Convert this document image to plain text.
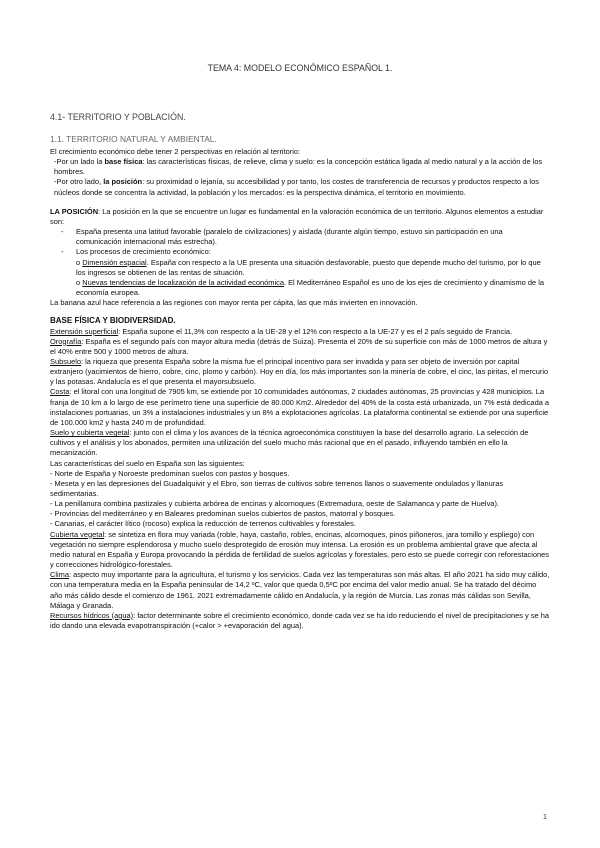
TEMA 4: MODELO ECONÓMICO ESPAÑOL 1.
4.1- TERRITORIO Y POBLACIÓN.
1.1. TERRITORIO NATURAL Y AMBIENTAL.

El crecimiento económico debe tener 2 perspectivas en relación al territorio:

-Por un lado la base física: las características físicas, de relieve, clima y suelo: es la concepción estática ligada al medio natural y a la acción de los hombres.

-Por otro lado, la posición: su proximidad o lejanía, su accesibilidad y por tanto, los costes de transferencia de recursos y productos respecto a los núcleos donde se concentra la actividad, la población y los mercados: es la perspectiva dinámica, el territorio en movimiento.

LA POSICIÓN: La posición en la que se encuentre un lugar es fundamental en la valoración económica de un territorio. Algunos elementos a estudiar son:

- España presenta una latitud favorable (paralelo de civilizaciones) y aislada (durante algún tiempo, estuvo sin participación en una comunicación internacional más estrecha).

- Los procesos de crecimiento económico:

o Dimensión espacial. España con respecto a la UE presenta una situación desfavorable, puesto que depende mucho del turismo, por lo que los ingresos se obtienen de las rentas de situación.

o Nuevas tendencias de localización de la actividad económica. El Mediterráneo Español es uno de los ejes de crecimiento y dinamismo de la economía europea.

La banana azul hace referencia a las regiones con mayor renta per cápita, las que más invierten en innovación.

BASE FÍSICA Y BIODIVERSIDAD.

Extensión superficial: España supone el 11,3% con respecto a la UE-28 y el 12% con respecto a la UE-27 y es el 2 país seguido de Francia.

Orografía: España es el segundo país con mayor altura media (detrás de Suiza). Presenta el 20% de su superficie con más de 1000 metros de altura y el 40% entre 500 y 1000 metros de altura.

Subsuelo: la riqueza que presenta España sobre la misma fue el principal incentivo para ser invadida y para ser objeto de inversión por capital extranjero (yacimientos de hierro, cobre, cinc, plomo y carbón). Hoy en día, los más importantes son la minería de cobre, el cinc, las piritas, el mercurio y las potasas. Andalucía es el que presenta el mayorsubsuelo.

Costa: el litoral con una longitud de 7905 km, se extiende por 10 comunidades autónomas, 2 ciudades autónomas, 25 provincias y 428 municipios. La franja de 10 km a lo largo de ese perímetro tiene una superficie de 80.000 Km2. Alrededor del 40% de la costa está urbanizada, un 7% está dedicada a instalaciones portuarias, un 3% a instalaciones industriales y un 8% a explotaciones agrícolas. La plataforma continental se extiende por una superficie de 100.000 km2 y hasta 240 m de profundidad.

Suelo y cubierta vegetal: junto con el clima y los avances de la técnica agroeconómica constituyen la base del desarrollo agrario. La selección de cultivos y el análisis y los abonados, permiten una utilización del suelo mucho más racional que en el pasado, influyendo también en ello la mecanización.

Las características del suelo en España son las siguientes:

- Norte de España y Noroeste predominan suelos con pastos y bosques.

- Meseta y en las depresiones del Guadalquivir y el Ebro, son tierras de cultivos sobre terrenos llanos o suavemente ondulados y llanuras sedimentarias.

- La penillanura combina pastizales y cubierta arbórea de encinas y alcornoques (Extremadura, oeste de Salamanca y parte de Huelva).

- Provincias del mediterráneo y en Baleares predominan suelos cubiertos de pastos, matorral y bosques.

- Canarias, el carácter lítico (rocoso) explica la reducción de terrenos cultivables y forestales.

Cubierta vegetal: se sintetiza en flora muy variada (roble, haya, castaño, robles, encinas, alcornoques, pinos piñoneros, jara tomillo y espliego) con vegetación no siempre esplendorosa y mucho suelo desprotegido de erosión muy intensa. La erosión es un problema ambiental grave que afecta al medio natural en España y Europa provocando la pérdida de fertilidad de suelos agrícolas y forestales, pero esto se puede corregir con reforestaciones y correcciones hidrológico-forestales.

Clima: aspecto muy importante para la agricultura, el turismo y los servicios. Cada vez las temperaturas son más altas. El año 2021 ha sido muy cálido, con una temperatura media en la España peninsular de 14,2 ºC, valor que queda 0,5ºC por encima del valor medio anual. Se ha tratado del décimo año más cálido desde el comienzo de 1961. 2021 extremadamente cálido en Andalucía, y la región de Murcia. Las zonas más cálidas son Sevilla, Málaga y Granada.

Recursos hídricos (agua): factor determinante sobre el crecimiento económico, donde cada vez se ha ido reduciendo el nivel de precipitaciones y se ha ido dando una elevada evapotranspiración (+calor > +evaporación del agua).

1
